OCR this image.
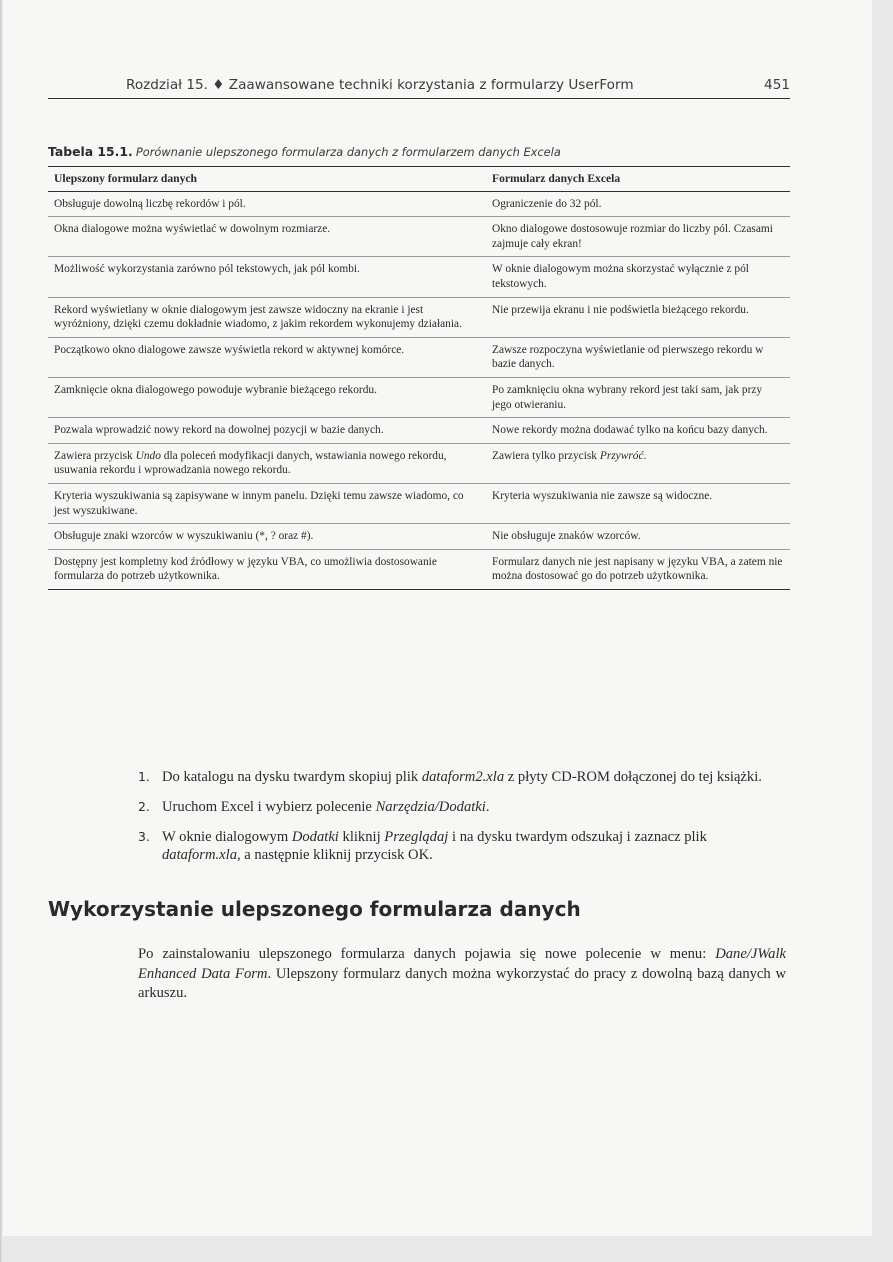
Rozdział 15. ♦ Zaawansowane techniki korzystania z formularzy UserForm	451
Tabela 15.1. Porównanie ulepszonego formularza danych z formularzem danych Excela
Ulepszony formularz danych	Formularz danych Excela
Obsługuje dowolną liczbę rekordów i pól.	Ograniczenie do 32 pól.
Okna dialogowe można wyświetlać w dowolnym rozmiarze.	Okno dialogowe dostosowuje rozmiar do liczby pól. Czasami zajmuje cały ekran!
Możliwość wykorzystania zarówno pól tekstowych, jak pól kombi.	W oknie dialogowym można skorzystać wyłącznie z pól tekstowych.
Rekord wyświetlany w oknie dialogowym jest zawsze widoczny na ekranie i jest wyróżniony, dzięki czemu dokładnie wiadomo, z jakim rekordem wykonujemy działania.	Nie przewija ekranu i nie podświetla bieżącego rekordu.
Początkowo okno dialogowe zawsze wyświetla rekord w aktywnej komórce.	Zawsze rozpoczyna wyświetlanie od pierwszego rekordu w bazie danych.
Zamknięcie okna dialogowego powoduje wybranie bieżącego rekordu.	Po zamknięciu okna wybrany rekord jest taki sam, jak przy jego otwieraniu.
Pozwala wprowadzić nowy rekord na dowolnej pozycji w bazie danych.	Nowe rekordy można dodawać tylko na końcu bazy danych.
Zawiera przycisk Undo dla poleceń modyfikacji danych, wstawiania nowego rekordu, usuwania rekordu i wprowadzania nowego rekordu.	Zawiera tylko przycisk Przywróć.
Kryteria wyszukiwania są zapisywane w innym panelu. Dzięki temu zawsze wiadomo, co jest wyszukiwane.	Kryteria wyszukiwania nie zawsze są widoczne.
Obsługuje znaki wzorców w wyszukiwaniu (*, ? oraz #).	Nie obsługuje znaków wzorców.
Dostępny jest kompletny kod źródłowy w języku VBA, co umożliwia dostosowanie formularza do potrzeb użytkownika.	Formularz danych nie jest napisany w języku VBA, a zatem nie można dostosować go do potrzeb użytkownika.
1. Do katalogu na dysku twardym skopiuj plik dataform2.xla z płyty CD-ROM dołączonej do tej książki.
2. Uruchom Excel i wybierz polecenie Narzędzia/Dodatki.
3. W oknie dialogowym Dodatki kliknij Przeglądaj i na dysku twardym odszukaj i zaznacz plik dataform.xla, a następnie kliknij przycisk OK.
Wykorzystanie ulepszonego formularza danych

Po zainstalowaniu ulepszonego formularza danych pojawia się nowe polecenie w menu: Dane/JWalk Enhanced Data Form. Ulepszony formularz danych można wykorzystać do pracy z dowolną bazą danych w arkuszu.
